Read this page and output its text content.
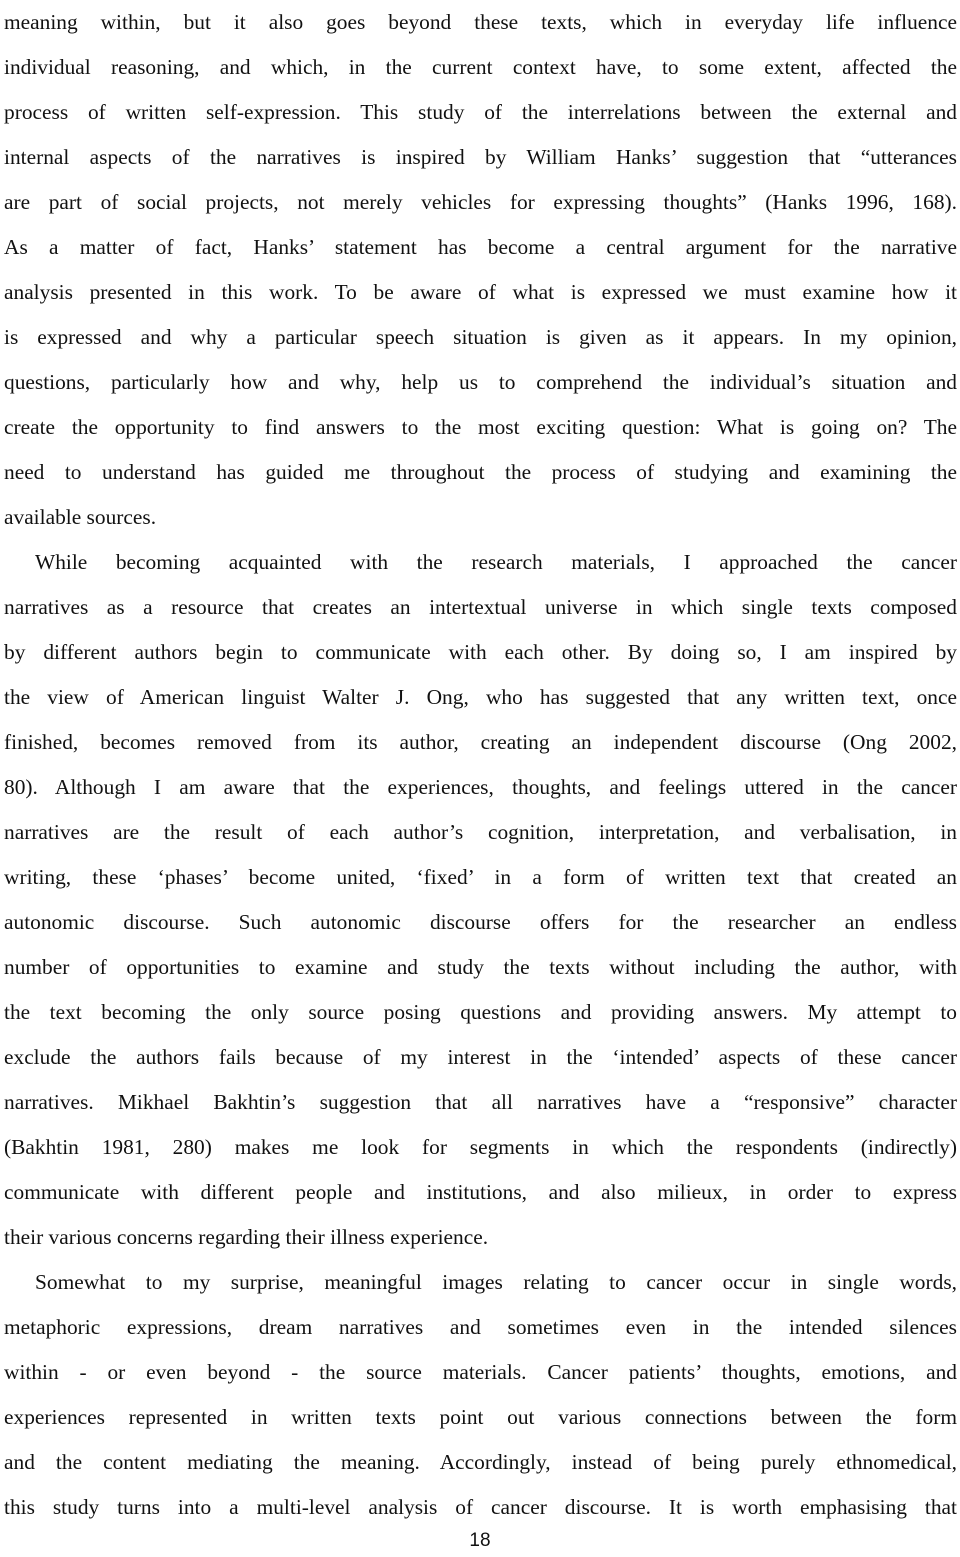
meaning within, but it also goes beyond these texts, which in everyday life influence
individual reasoning, and which, in the current context have, to some extent, affected the
process of written self-expression. This study of the interrelations between the external and
internal aspects of the narratives is inspired by William Hanks’ suggestion that “utterances
are part of social projects, not merely vehicles for expressing thoughts” (Hanks 1996, 168).
As a matter of fact, Hanks’ statement has become a central argument for the narrative
analysis presented in this work. To be aware of what is expressed we must examine how it
is expressed and why a particular speech situation is given as it appears. In my opinion,
questions, particularly how and why, help us to comprehend the individual’s situation and
create the opportunity to find answers to the most exciting question: What is going on? The
need to understand has guided me throughout the process of studying and examining the
available sources.
While becoming acquainted with the research materials, I approached the cancer
narratives as a resource that creates an intertextual universe in which single texts composed
by different authors begin to communicate with each other. By doing so, I am inspired by
the view of American linguist Walter J. Ong, who has suggested that any written text, once
finished, becomes removed from its author, creating an independent discourse (Ong 2002,
80). Although I am aware that the experiences, thoughts, and feelings uttered in the cancer
narratives are the result of each author’s cognition, interpretation, and verbalisation, in
writing, these ‘phases’ become united, ‘fixed’ in a form of written text that created an
autonomic discourse. Such autonomic discourse offers for the researcher an endless
number of opportunities to examine and study the texts without including the author, with
the text becoming the only source posing questions and providing answers. My attempt to
exclude the authors fails because of my interest in the ‘intended’ aspects of these cancer
narratives. Mikhael Bakhtin’s suggestion that all narratives have a “responsive” character
(Bakhtin 1981, 280) makes me look for segments in which the respondents (indirectly)
communicate with different people and institutions, and also milieux, in order to express
their various concerns regarding their illness experience.
Somewhat to my surprise, meaningful images relating to cancer occur in single words,
metaphoric expressions, dream narratives and sometimes even in the intended silences
within - or even beyond - the source materials. Cancer patients’ thoughts, emotions, and
experiences represented in written texts point out various connections between the form
and the content mediating the meaning. Accordingly, instead of being purely ethnomedical,
this study turns into a multi-level analysis of cancer discourse. It is worth emphasising that
18
